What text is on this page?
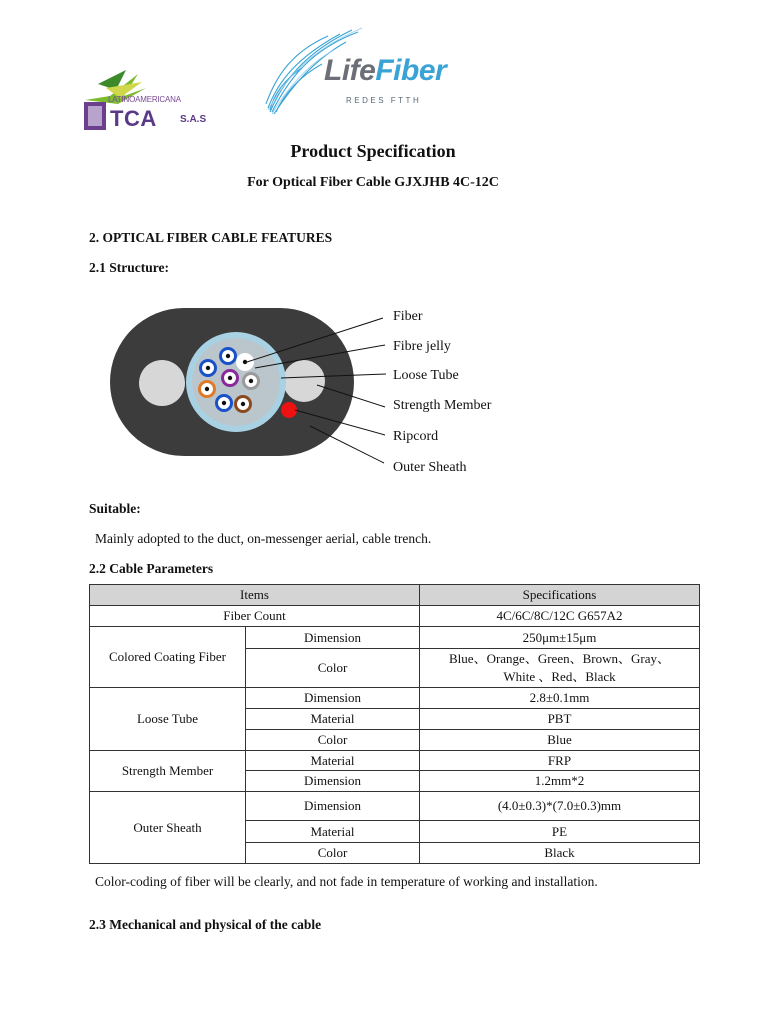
LATINOAMERICANA
TCA S.A.S
LifeFiber
REDES FTTH
Product Specification
For Optical Fiber Cable GJXJHB 4C-12C
2. OPTICAL FIBER CABLE FEATURES
2.1 Structure:
Fiber
Fibre jelly
Loose Tube
Strength Member
Ripcord
Outer Sheath
Suitable:
Mainly adopted to the duct, on-messenger aerial, cable trench.
2.2 Cable Parameters
Items		Specifications
Fiber Count		4C/6C/8C/12C G657A2
Colored Coating Fiber	Dimension	250μm±15μm
	Color	Blue、Orange、Green、Brown、Gray、
White 、Red、Black

Loose Tube	Dimension	2.8±0.1mm
	Material	PBT
	Color	Blue
Strength Member	Material	FRP
	Dimension	1.2mm*2
Outer Sheath	Dimension	(4.0±0.3)*(7.0±0.3)mm
	Material	PE
	Color	Black
Color-coding of fiber will be clearly, and not fade in temperature of working and installation.
2.3 Mechanical and physical of the cable
